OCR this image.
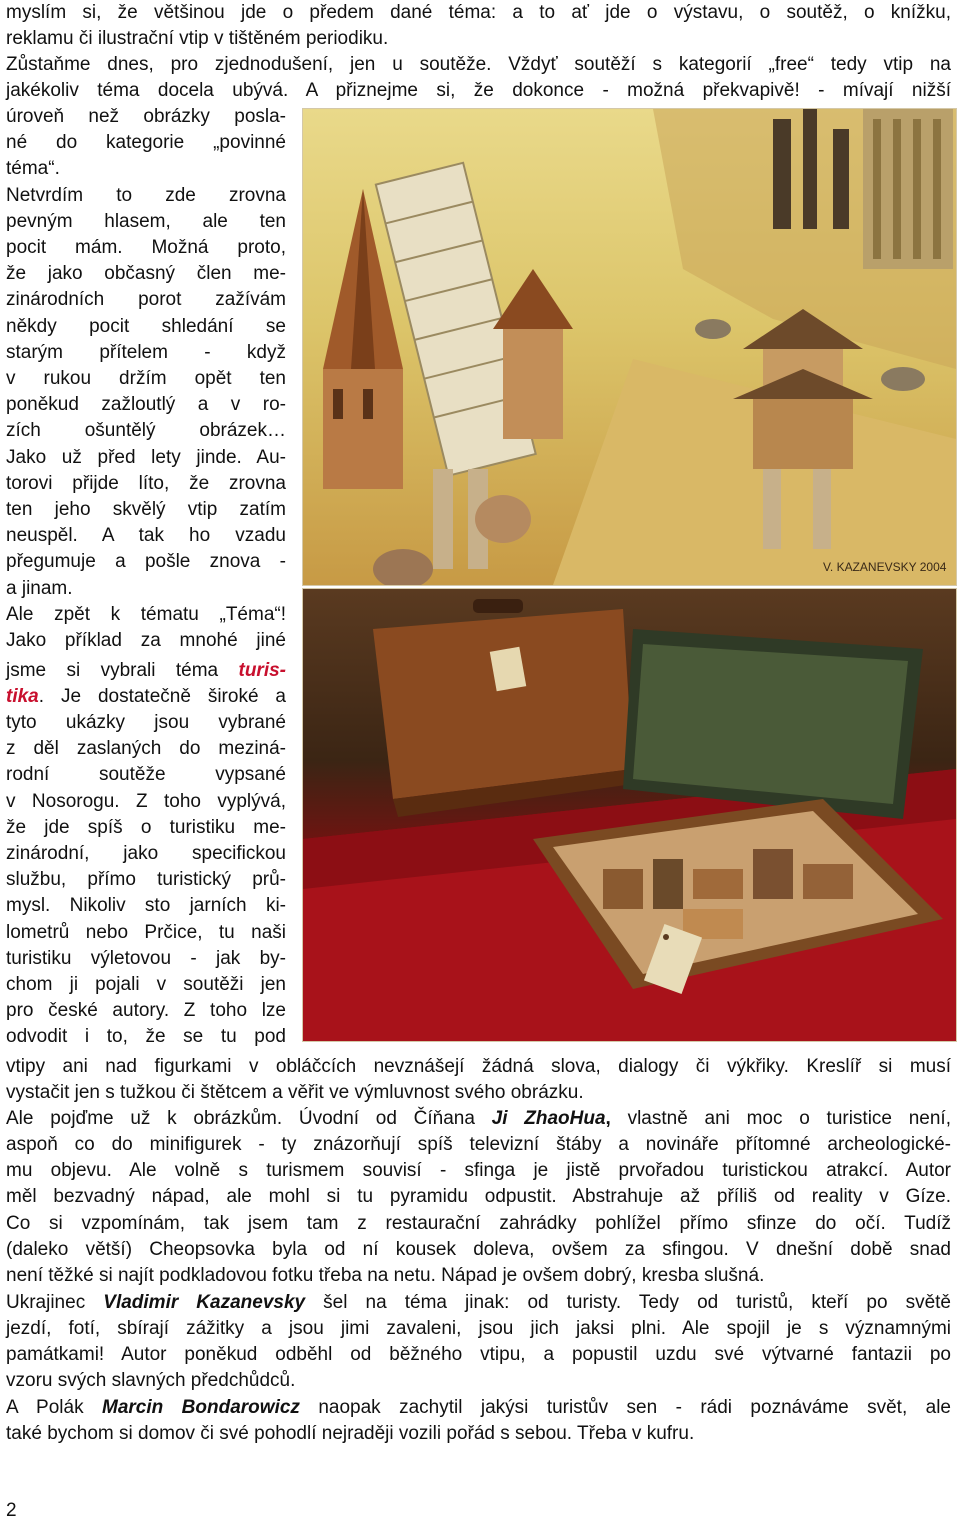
myslím si, že většinou jde o předem dané téma: a to ať jde o výstavu, o soutěž, o knížku,
reklamu či ilustrační vtip v tištěném periodiku.
Zůstaňme dnes, pro zjednodušení, jen u soutěže. Vždyť soutěží s kategorií „free“ tedy vtip na
jakékoliv téma docela ubývá. A přiznejme si, že dokonce - možná překvapivě! - mívají nižší
úroveň než obrázky posla-
né do kategorie „povinné
téma“.
Netvrdím to zde zrovna
pevným hlasem, ale ten
pocit mám. Možná proto,
že jako občasný člen me-
zinárodních porot zažívám
někdy pocit shledání se
starým přítelem - když
v rukou držím opět ten
poněkud zažloutlý a v ro-
zích ošuntělý obrázek…
Jako už před lety jinde. Au-
torovi přijde líto, že zrovna
ten jeho skvělý vtip zatím
neuspěl. A tak ho vzadu
přegumuje a pošle znova -
a jinam.
Ale zpět k tématu „Téma“!
Jako příklad za mnohé jiné
jsme si vybrali téma turis-
tika. Je dostatečně široké a
tyto ukázky jsou vybrané
z děl zaslaných do meziná-
rodní soutěže vypsané
v Nosorogu. Z toho vyplývá,
že jde spíš o turistiku me-
zinárodní, jako specifickou
službu, přímo turistický prů-
mysl. Nikoliv sto jarních ki-
lometrů nebo Prčice, tu naši
turistiku výletovou - jak by-
chom ji pojali v soutěži jen
pro české autory. Z toho lze
odvodit i to, že se tu pod
vtipy ani nad figurkami v obláčcích nevznášejí žádná slova, dialogy či výkřiky. Kreslíř si musí
vystačit jen s tužkou či štětcem a věřit ve výmluvnost svého obrázku.
Ale pojďme už k obrázkům. Úvodní od Číňana Ji ZhaoHua, vlastně ani moc o turistice není,
aspoň co do minifigurek - ty znázorňují spíš televizní štáby a novináře přítomné archeologické-
mu objevu. Ale volně s turismem souvisí - sfinga je jistě prvořadou turistickou atrakcí. Autor
měl bezvadný nápad, ale mohl si tu pyramidu odpustit. Abstrahuje až příliš od reality v Gíze.
Co si vzpomínám, tak jsem tam z restaurační zahrádky pohlížel přímo sfinze do očí. Tudíž
(daleko větší) Cheopsovka byla od ní kousek doleva, ovšem za sfingou. V dnešní době snad
není těžké si najít podkladovou fotku třeba na netu. Nápad je ovšem dobrý, kresba slušná.
Ukrajinec Vladimir Kazanevsky šel na téma jinak: od turisty. Tedy od turistů, kteří po světě
jezdí, fotí, sbírají zážitky a jsou jimi zavaleni, jsou jich jaksi plni. Ale spojil je s významnými
památkami! Autor poněkud odběhl od běžného vtipu, a popustil uzdu své výtvarné fantazii po
vzoru svých slavných předchůdců.
A Polák Marcin Bondarowicz naopak zachytil jakýsi turistův sen - rádi poznáváme svět, ale
také bychom si domov či své pohodlí nejraději vozili pořád s sebou. Třeba v kufru.
V. KAZANEVSKY 2004
2
